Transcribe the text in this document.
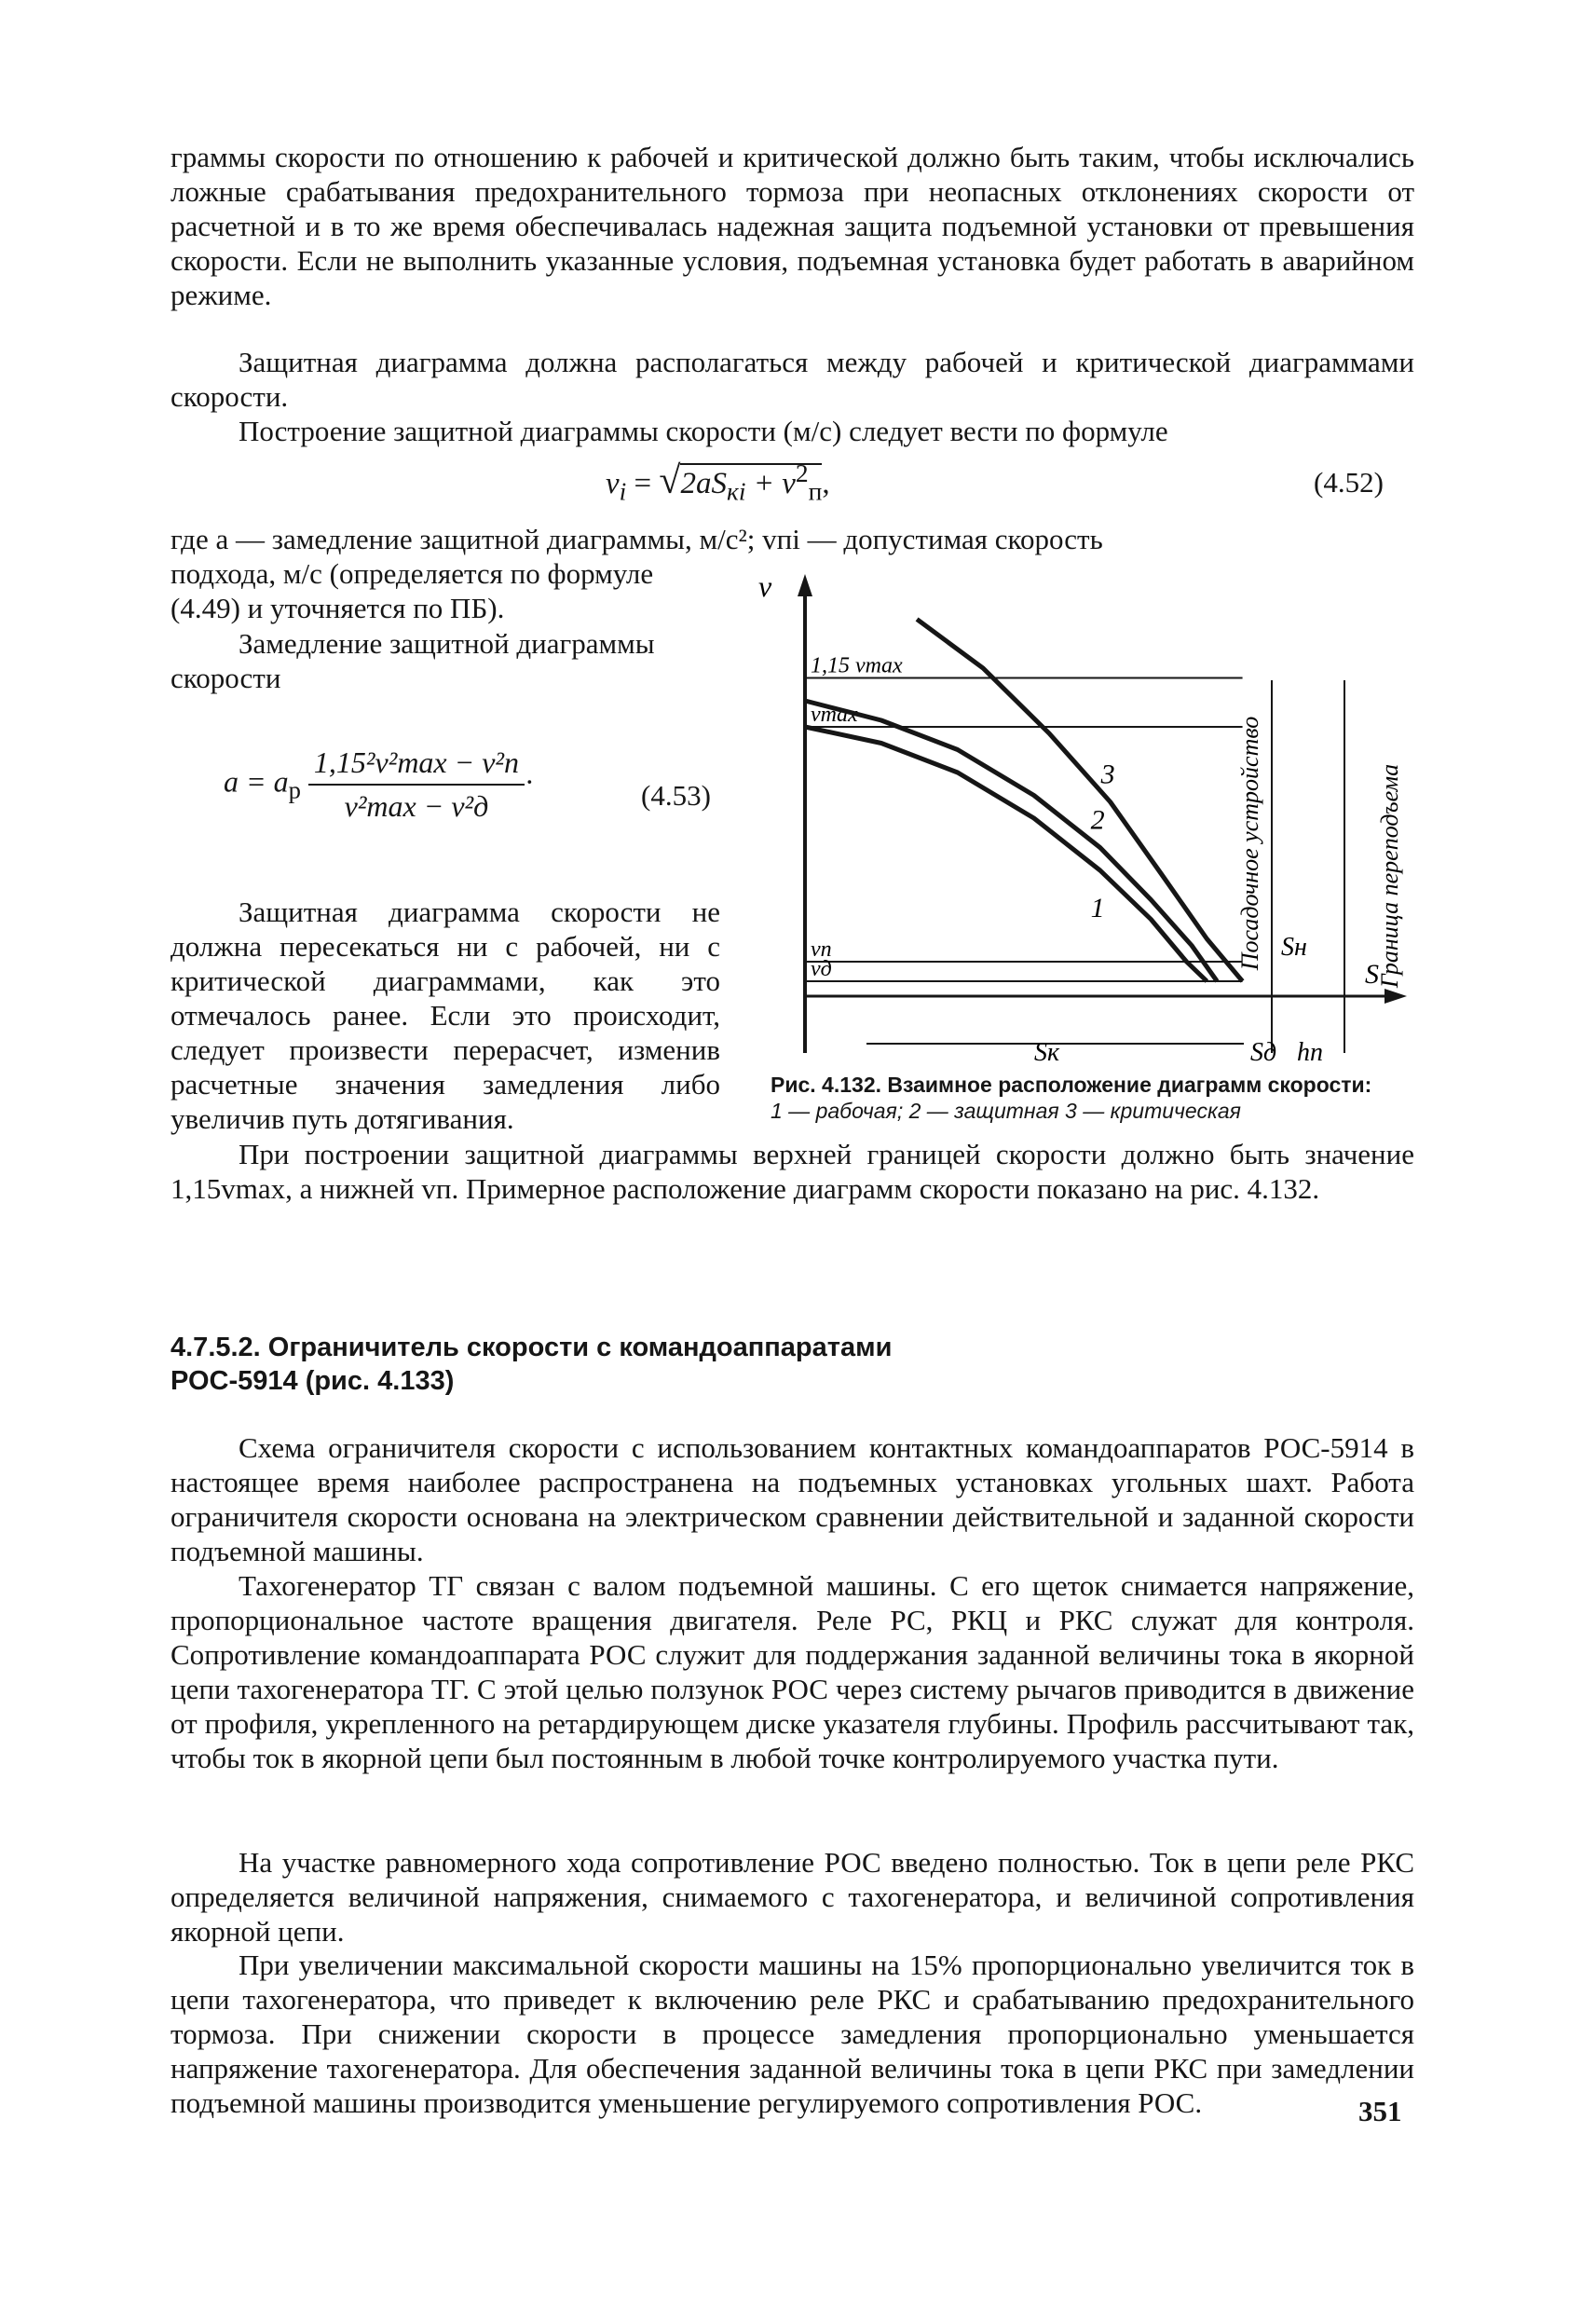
граммы скорости по отношению к рабочей и критической должно быть таким, чтобы исключались ложные срабатывания предохранительного тормоза при неопасных отклонениях скорости от расчетной и в то же время обеспечивалась надежная защита подъемной установки от превышения скорости. Если не выполнить указанные условия, подъемная установка будет работать в аварийном режиме.
Защитная диаграмма должна располагаться между рабочей и критической диаграммами скорости.
Построение защитной диаграммы скорости (м/с) следует вести по формуле
$v_i = √2aS_{кi} + v^2_п$,	(4.52)
где a — замедление защитной диаграммы, м/с²; vпi — допустимая скорость
подхода, м/с (определяется по формуле (4.49) и уточняется по ПБ).
Замедление защитной диаграммы скорости
$a = a_р \frac{\text{1,15²v²max − v²п}}{\text{v²max − v²д}}$ ·	(4.53)
Защитная диаграмма скорости не должна пересекаться ни с рабочей, ни с критической диаграммами, как это отмечалось ранее. Если это происходит, следует произвести перерасчет, изменив расчетные значения замедления либо увеличив путь дотягивания.
При построении защитной диаграммы верхней границей скорости должно быть значение 1,15vmax, а нижней vп. Примерное расположение диаграмм скорости показано на рис. 4.132.
v
S
Посадочное устройство	Граница переподъема
1,15 vmax
vmax
vп
vд
1
2
3
Sк	Sд hп
Sн
Рис. 4.132. Взаимное расположение диаграмм скорости:
1 — рабочая; 2 — защитная 3 — критическая
4.7.5.2. Ограничитель скорости с командоаппаратами
РОС-5914 (рис. 4.133)
Схема ограничителя скорости с использованием контактных командоаппаратов РОС-5914 в настоящее время наиболее распространена на подъемных установках угольных шахт. Работа ограничителя скорости основана на электрическом сравнении действительной и заданной скорости подъемной машины.
Тахогенератор ТГ связан с валом подъемной машины. С его щеток снимается напряжение, пропорциональное частоте вращения двигателя. Реле РС, РКЦ и РКС служат для контроля. Сопротивление командоаппарата РОС служит для поддержания заданной величины тока в якорной цепи тахогенератора ТГ. С этой целью ползунок РОС через систему рычагов приводится в движение от профиля, укрепленного на ретардирующем диске указателя глубины. Профиль рассчитывают так, чтобы ток в якорной цепи был постоянным в любой точке контролируемого участка пути.
На участке равномерного хода сопротивление РОС введено полностью. Ток в цепи реле РКС определяется величиной напряжения, снимаемого с тахогенератора, и величиной сопротивления якорной цепи.
При увеличении максимальной скорости машины на 15% пропорционально увеличится ток в цепи тахогенератора, что приведет к включению реле РКС и срабатыванию предохранительного тормоза. При снижении скорости в процессе замедления пропорционально уменьшается напряжение тахогенератора. Для обеспечения заданной величины тока в цепи РКС при замедлении подъемной машины производится уменьшение регулируемого сопротивления РОС.	351
